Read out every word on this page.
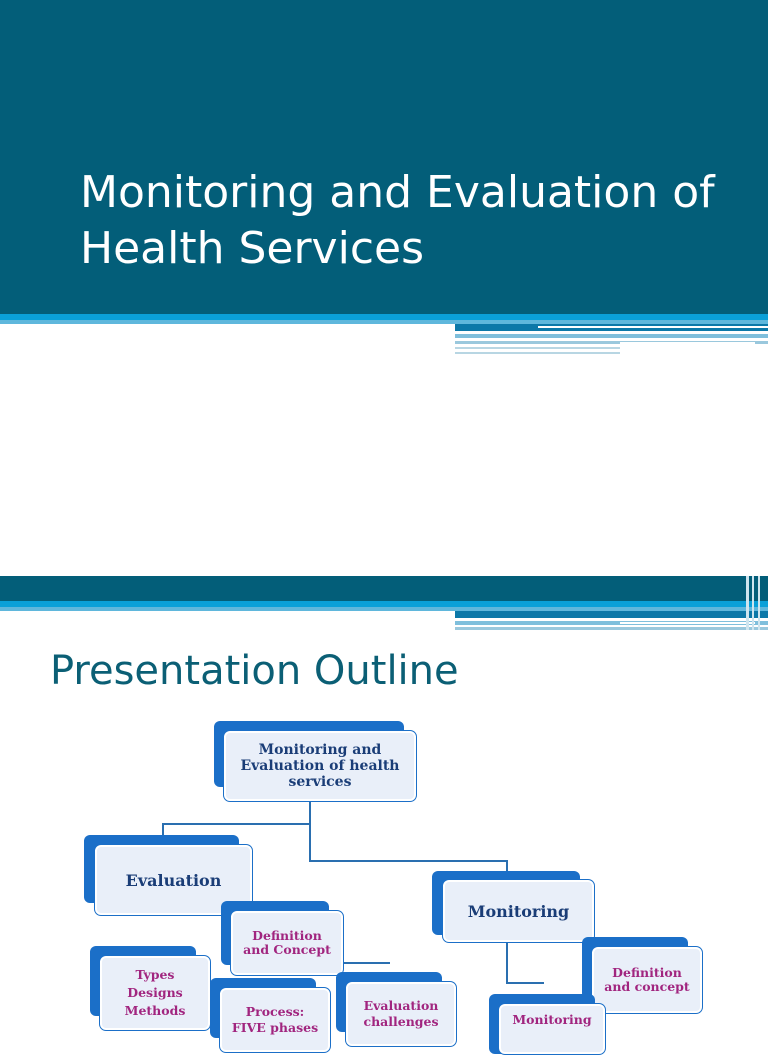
Monitoring and Evaluation of Health Services
Presentation Outline
Monitoring and
Evaluation of health
services
Evaluation
Monitoring
Definition
and Concept
Types
Designs
Methods	Process:
FIVE phases
Evaluation
challenges
Definition
and concept
Monitoring
